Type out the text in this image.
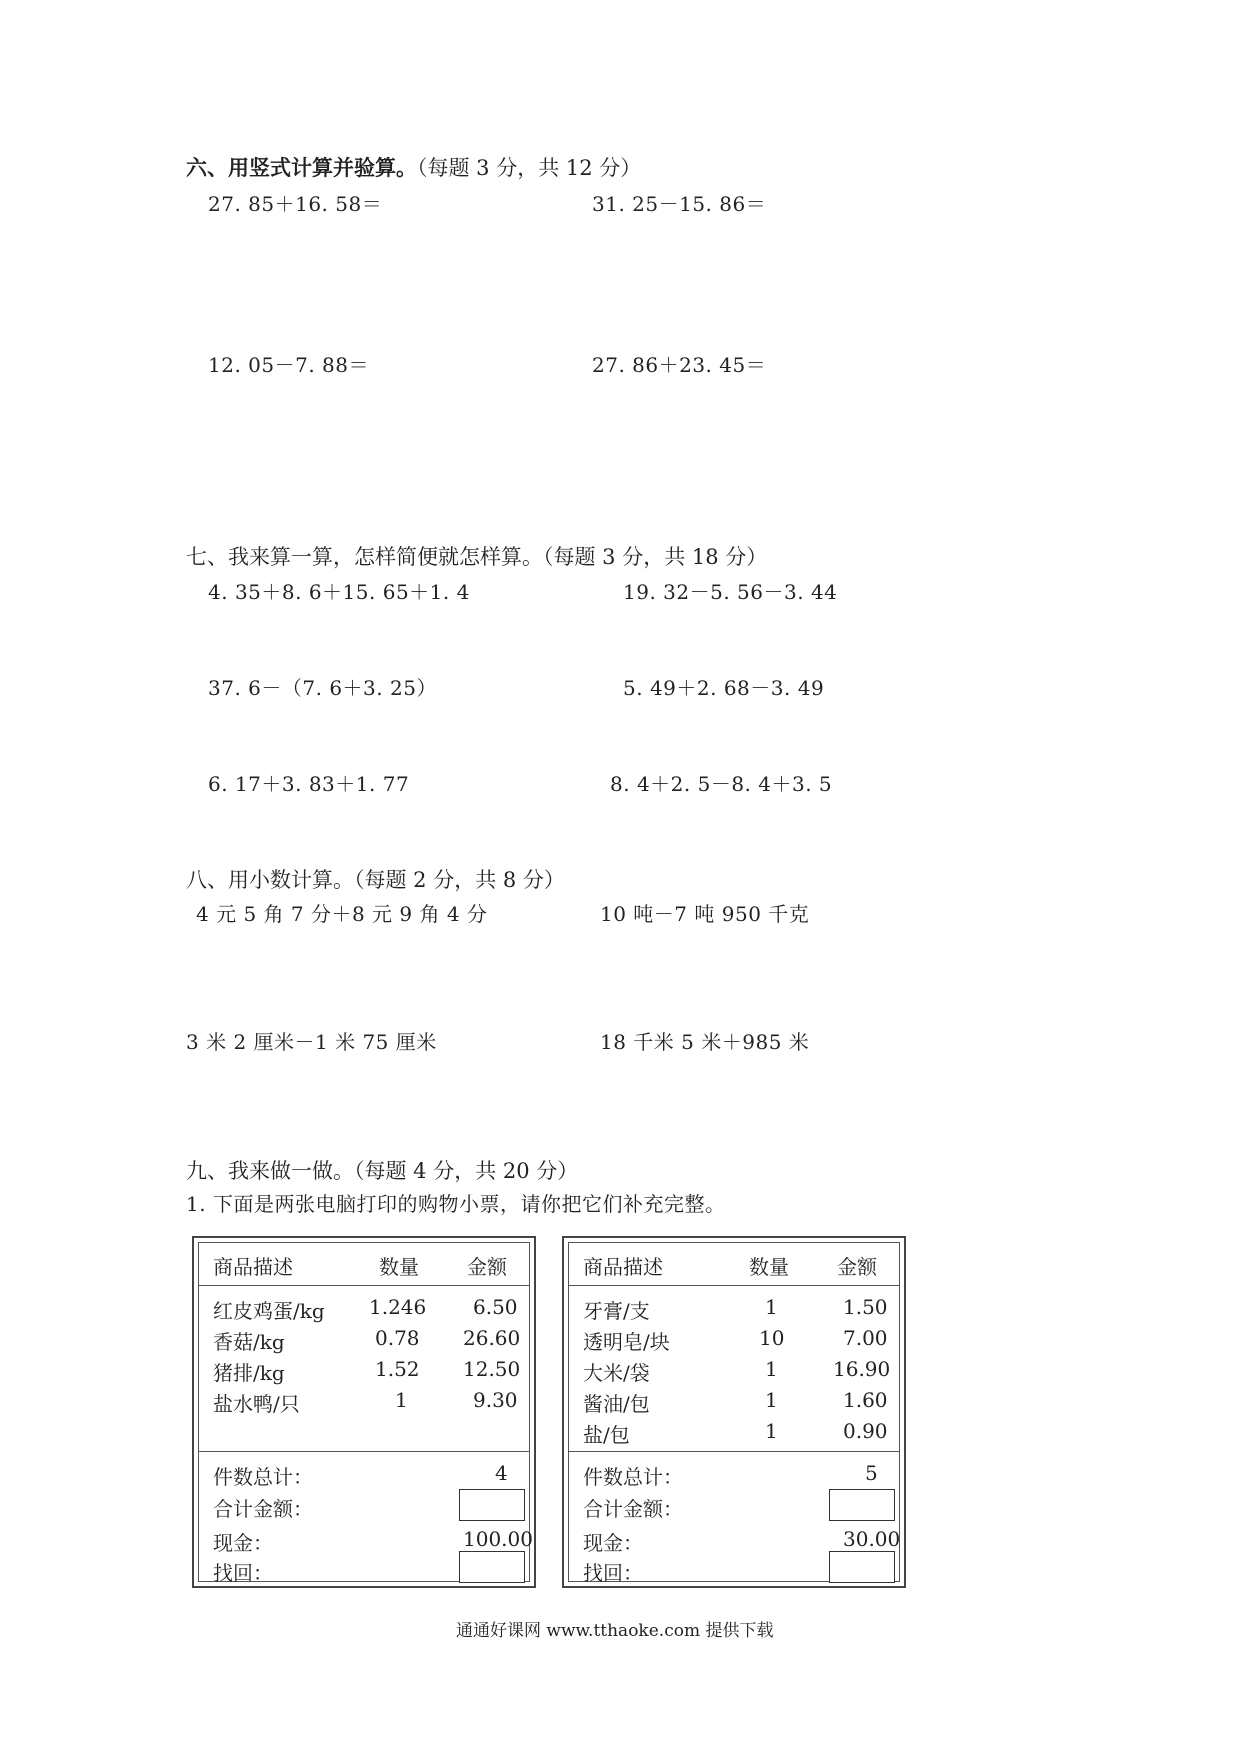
六、用竖式计算并验算。（每题 3 分，共 12 分）
27. 85＋16. 58＝	31. 25－15. 86＝
12. 05－7. 88＝	27. 86＋23. 45＝
七、我来算一算，怎样简便就怎样算。（每题 3 分，共 18 分）
4. 35＋8. 6＋15. 65＋1. 4	19. 32－5. 56－3. 44
37. 6－（7. 6＋3. 25）	5. 49＋2. 68－3. 49
6. 17＋3. 83＋1. 77	8. 4＋2. 5－8. 4＋3. 5
八、用小数计算。（每题 2 分，共 8 分）
4 元 5 角 7 分＋8 元 9 角 4 分	10 吨－7 吨 950 千克
3 米 2 厘米－1 米 75 厘米	18 千米 5 米＋985 米
九、我来做一做。（每题 4 分，共 20 分）
1. 下面是两张电脑打印的购物小票，请你把它们补充完整。
商品描述	数量 金额
红皮鸡蛋/kg 1.246 6.50
香菇/kg	0.78 26.60
猪排/kg	1.52 12.50
盐水鸭/只	1	9.30
件数总计：	4
合计金额：
现金：	100.00
找回：
商品描述	数量 金额
牙膏/支	1	1.50
透明皂/块	10	7.00
大米/袋	1	16.90
酱油/包	1	1.60
盐/包	1	0.90
件数总计：	5
合计金额：
现金：	30.00
找回：
通通好课网 www.tthaoke.com 提供下载
